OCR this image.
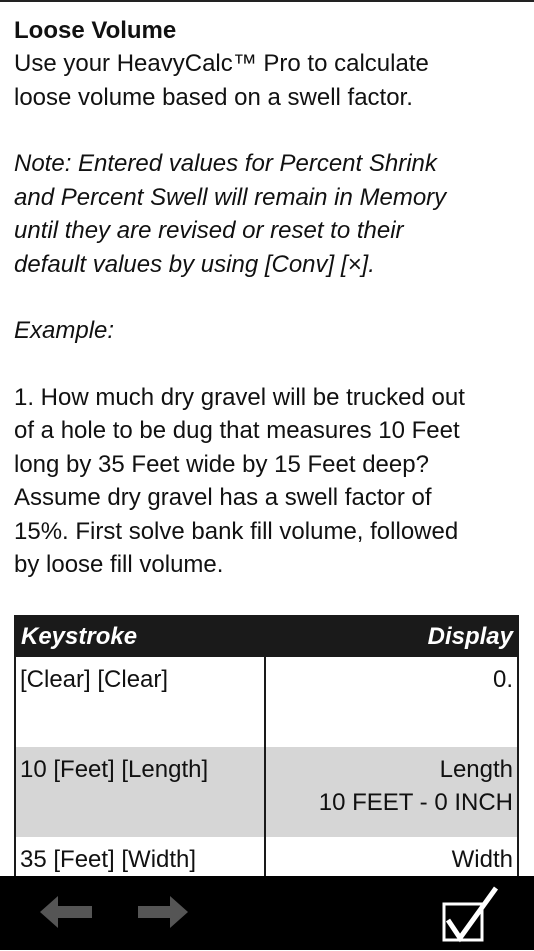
Loose Volume

Use your HeavyCalc™ Pro to calculate
loose volume based on a swell factor.

Note: Entered values for Percent Shrink
and Percent Swell will remain in Memory
until they are revised or reset to their
default values by using [Conv] [×].

Example:

1. How much dry gravel will be trucked out
of a hole to be dug that measures 10 Feet
long by 35 Feet wide by 15 Feet deep?
Assume dry gravel has a swell factor of
15%. First solve bank fill volume, followed
by loose fill volume.

Keystroke	Display
[Clear] [Clear]	0.

10 [Feet] [Length]	Length
10 FEET - 0 INCH
35 [Feet] [Width]	Width
